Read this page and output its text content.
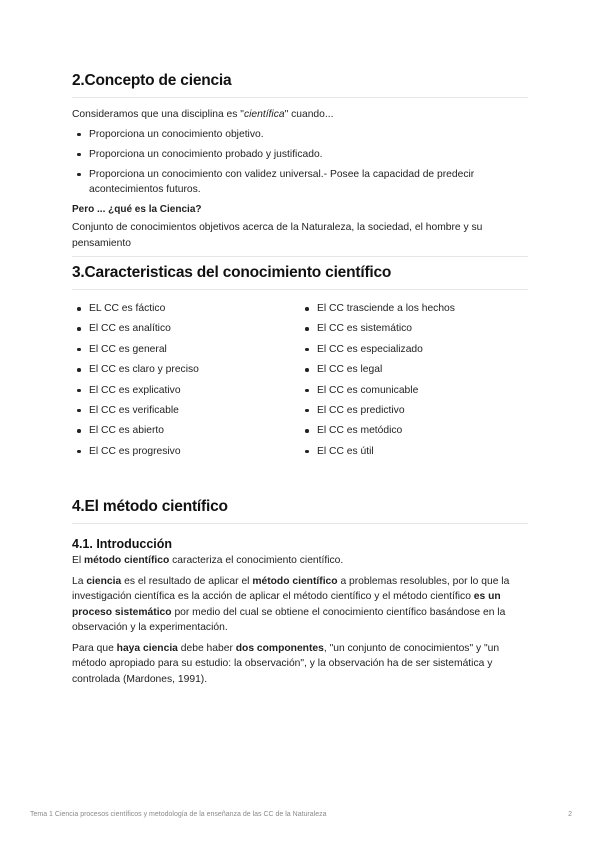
2.Concepto de ciencia

Consideramos que una disciplina es "científica" cuando...

Proporciona un conocimiento objetivo.
Proporciona un conocimiento probado y justificado.
Proporciona un conocimiento con validez universal.- Posee la capacidad de predecir acontecimientos futuros.

Pero ... ¿qué es la Ciencia?

Conjunto de conocimientos objetivos acerca de la Naturaleza, la sociedad, el hombre y su pensamiento

3.Caracteristicas del conocimiento científico
EL CC es fáctico
El CC es analítico
El CC es general
El CC es claro y preciso
El CC es explicativo
El CC es verificable
El CC es abierto
El CC es progresivo
El CC trasciende a los hechos
El CC es sistemático
El CC es especializado
El CC es legal
El CC es comunicable
El CC es predictivo
El CC es metódico
El CC es útil
4.El método científico
4.1. Introducción

El método científico caracteriza el conocimiento científico.

La ciencia es el resultado de aplicar el método científico a problemas resolubles, por lo que la investigación científica es la acción de aplicar el método científico y el método científico es un proceso sistemático por medio del cual se obtiene el conocimiento científico basándose en la observación y la experimentación.

Para que haya ciencia debe haber dos componentes, "un conjunto de conocimientos" y "un método apropiado para su estudio: la observación", y la observación ha de ser sistemática y controlada (Mardones, 1991).

Tema 1 Ciencia procesos científicos y metodología de la enseñanza de las CC de la Naturaleza	2
